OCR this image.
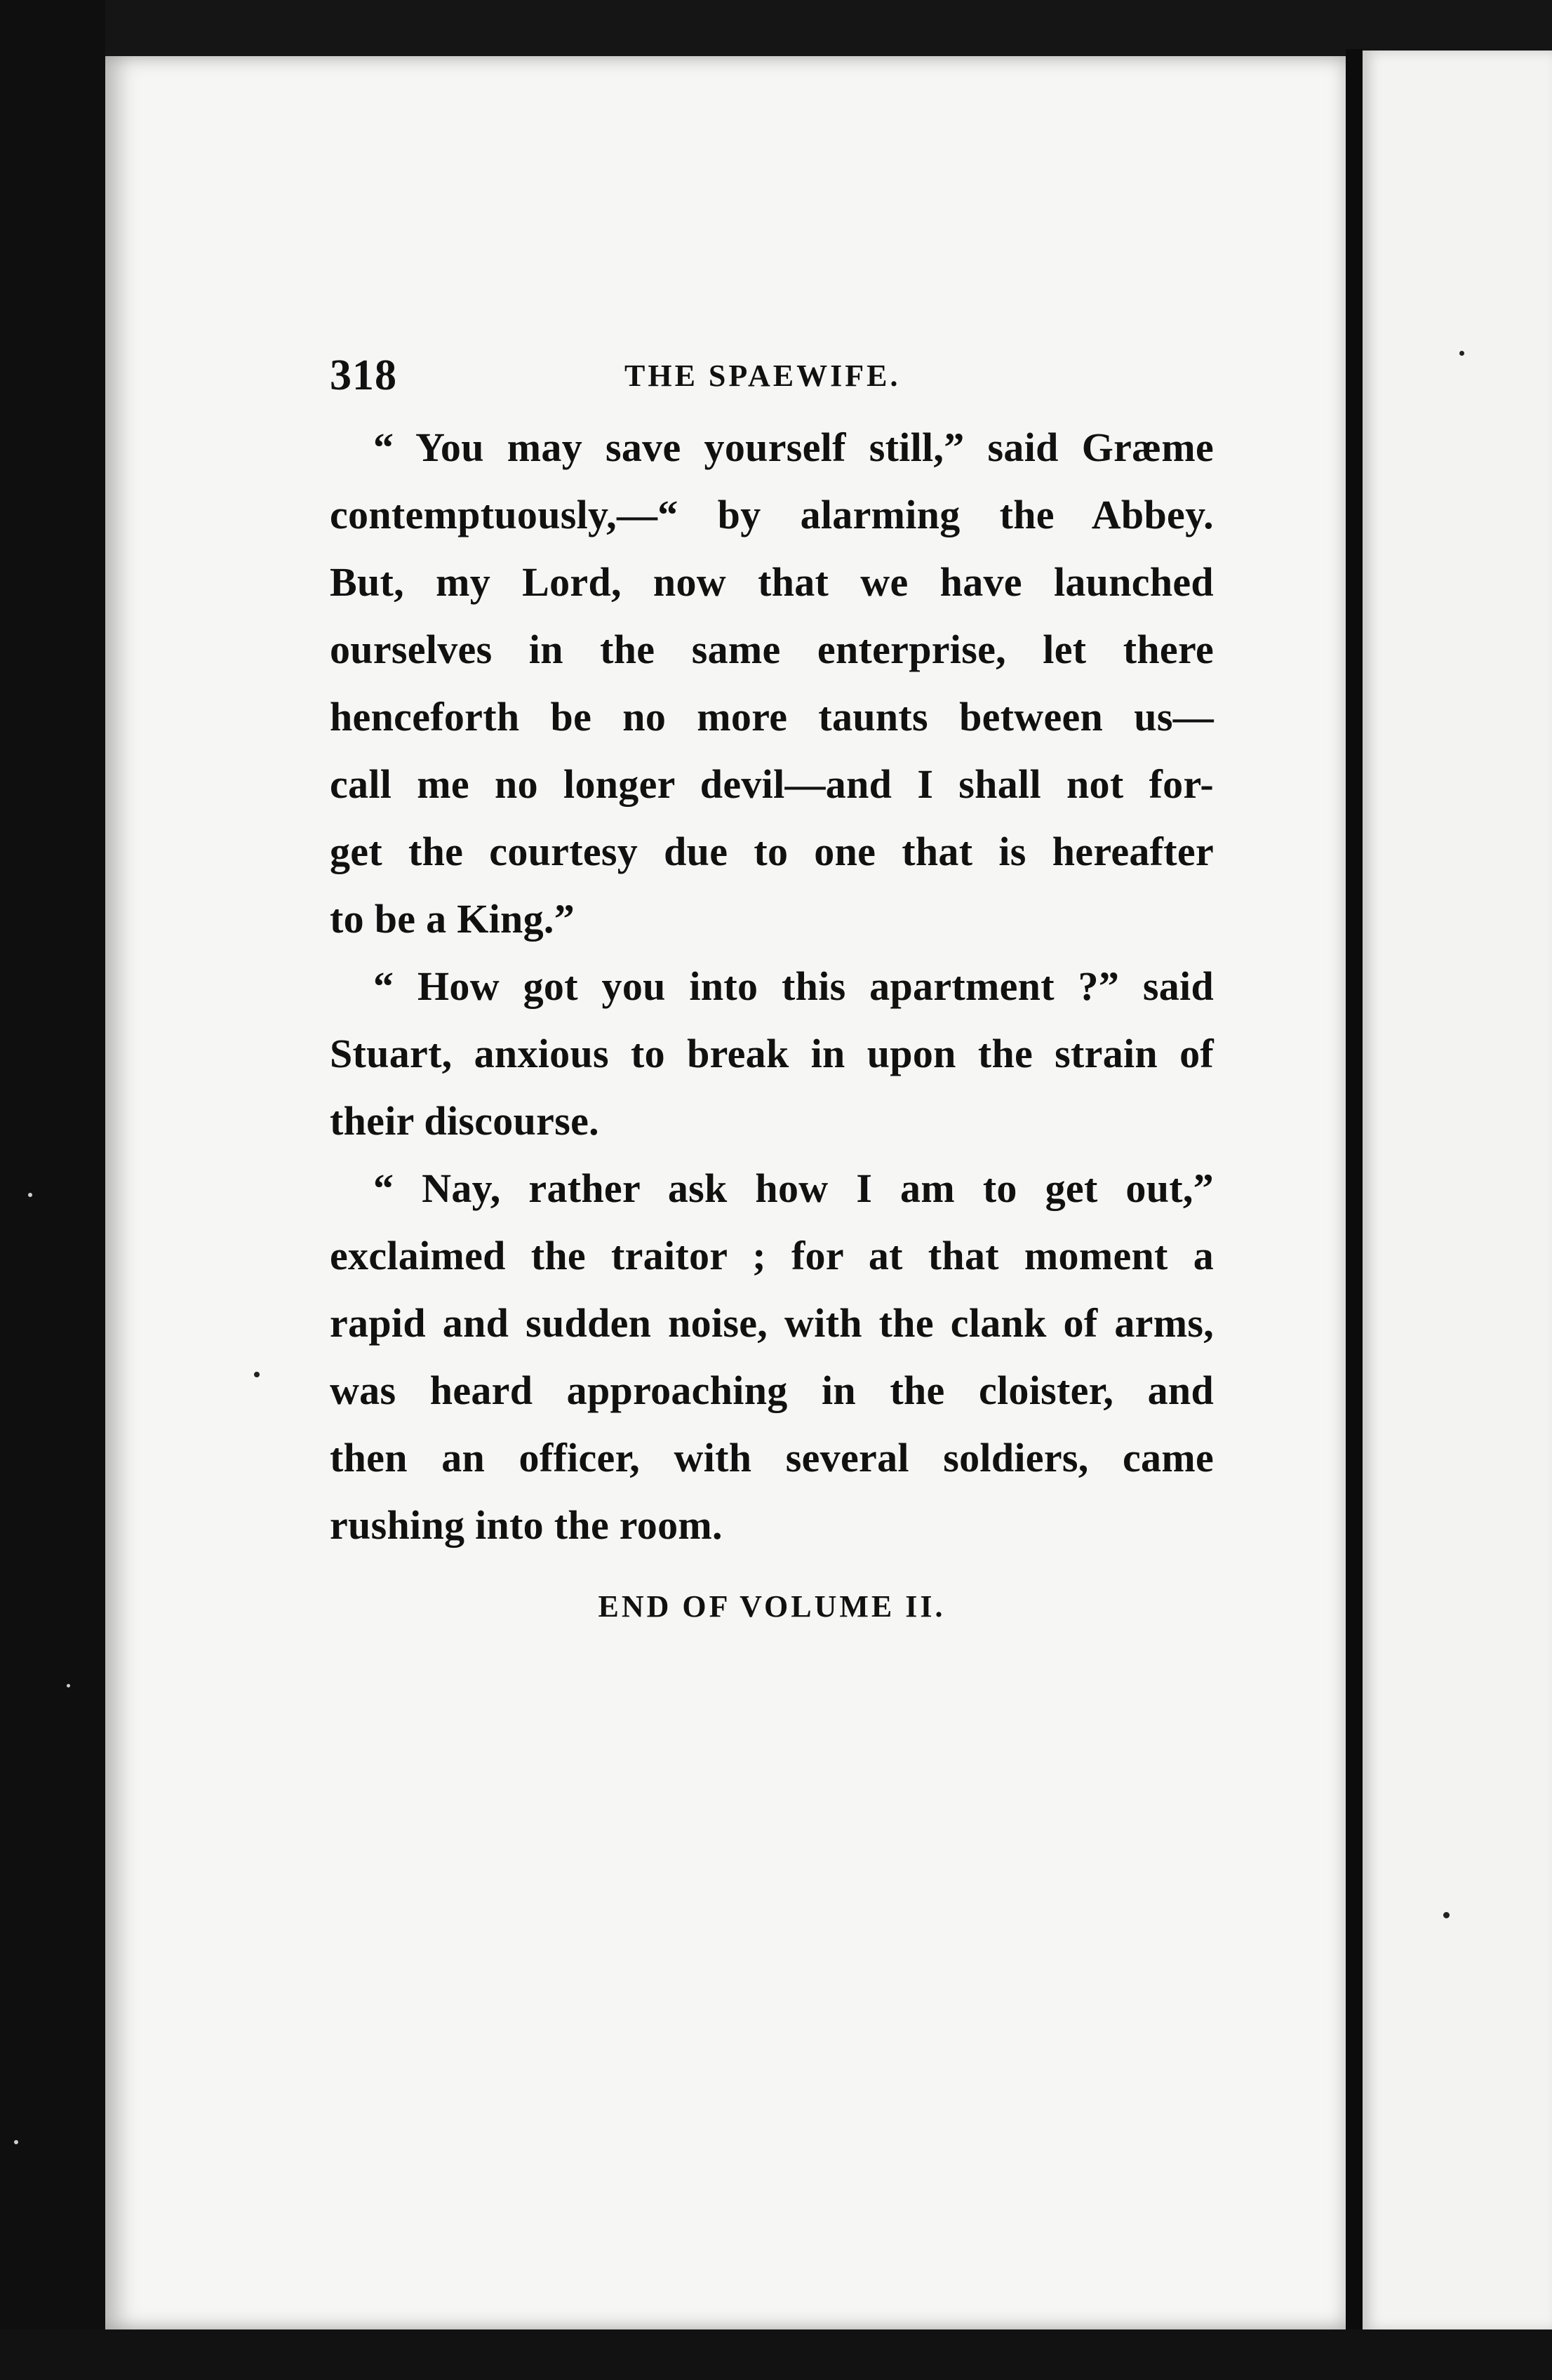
318	THE SPAEWIFE.
“ You may save yourself still,” said Græme
contemptuously,—“ by alarming the Abbey.
But, my Lord, now that we have launched
ourselves in the same enterprise, let there
henceforth be no more taunts between us—
call me no longer devil—and I shall not for-
get the courtesy due to one that is hereafter
to be a King.”
“ How got you into this apartment ?” said
Stuart, anxious to break in upon the strain of
their discourse.
“ Nay, rather ask how I am to get out,”
exclaimed the traitor ; for at that moment a
rapid and sudden noise, with the clank of arms,
was heard approaching in the cloister, and
then an officer, with several soldiers, came
rushing into the room.
END OF VOLUME II.
